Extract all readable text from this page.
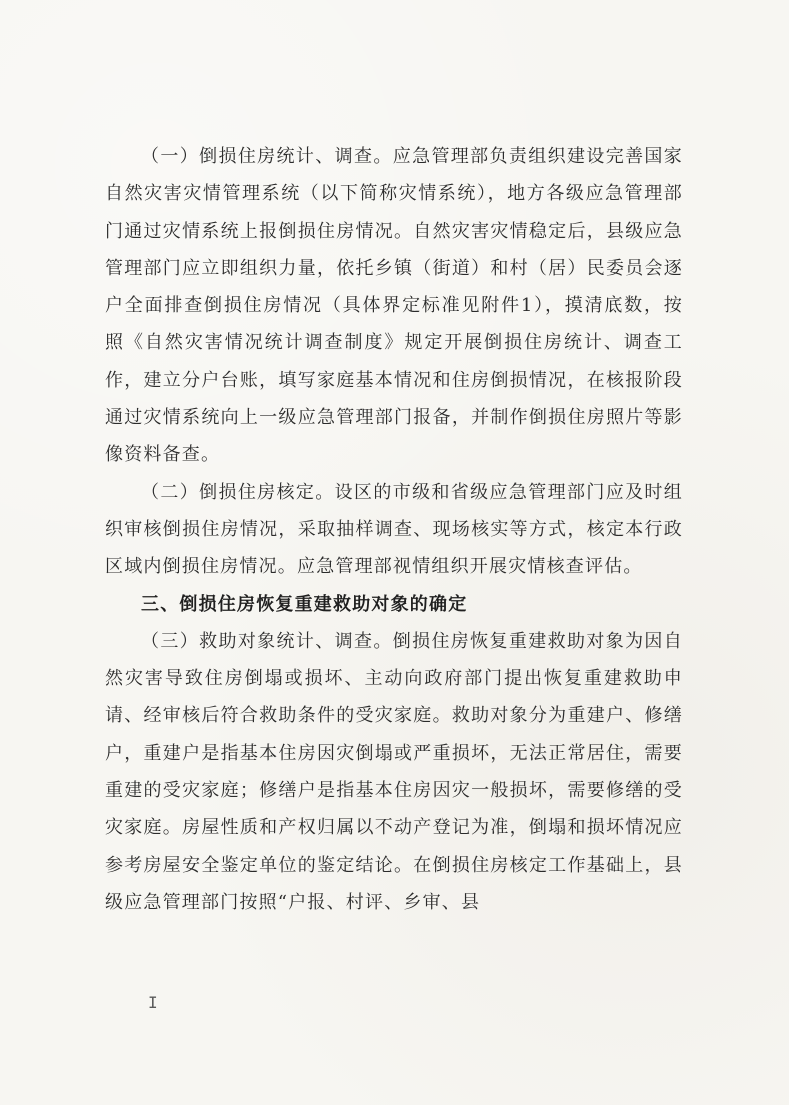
（一）倒损住房统计、调查。应急管理部负责组织建设完善国家自然灾害灾情管理系统（以下简称灾情系统），地方各级应急管理部门通过灾情系统上报倒损住房情况。自然灾害灾情稳定后，县级应急管理部门应立即组织力量，依托乡镇（街道）和村（居）民委员会逐户全面排查倒损住房情况（具体界定标准见附件1），摸清底数，按照《自然灾害情况统计调查制度》规定开展倒损住房统计、调查工作，建立分户台账，填写家庭基本情况和住房倒损情况，在核报阶段通过灾情系统向上一级应急管理部门报备，并制作倒损住房照片等影像资料备查。

（二）倒损住房核定。设区的市级和省级应急管理部门应及时组织审核倒损住房情况，采取抽样调查、现场核实等方式，核定本行政区域内倒损住房情况。应急管理部视情组织开展灾情核查评估。

三、倒损住房恢复重建救助对象的确定

（三）救助对象统计、调查。倒损住房恢复重建救助对象为因自然灾害导致住房倒塌或损坏、主动向政府部门提出恢复重建救助申请、经审核后符合救助条件的受灾家庭。救助对象分为重建户、修缮户，重建户是指基本住房因灾倒塌或严重损坏，无法正常居住，需要重建的受灾家庭；修缮户是指基本住房因灾一般损坏，需要修缮的受灾家庭。房屋性质和产权归属以不动产登记为准，倒塌和损坏情况应参考房屋安全鉴定单位的鉴定结论。在倒损住房核定工作基础上，县级应急管理部门按照“户报、村评、乡审、县

I
